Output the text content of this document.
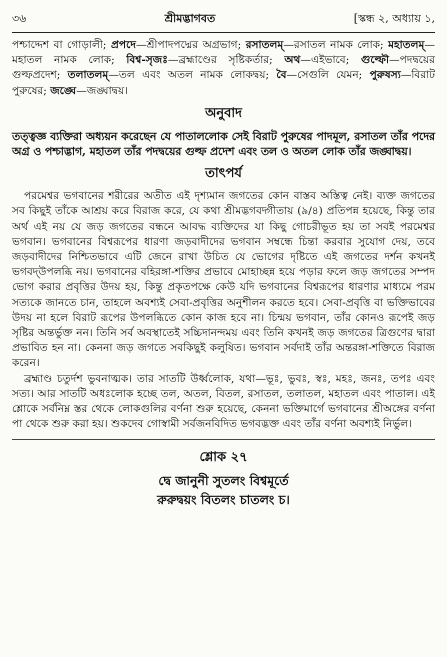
৩৬	শ্রীমদ্ভাগবত	[স্কন্ধ ২, অধ্যায় ১,

পশ্চাদ্দেশ বা গোড়ালী; প্রপদে—শ্রীপাদপদ্মের অগ্রভাগ; রসাতলম্—রসাতল নামক লোক; মহাতলম্—মহাতল নামক লোক; বিশ্ব-সৃজঃ—ব্রহ্মাণ্ডের সৃষ্টিকর্তার; অথ—এইভাবে; গুল্ফৌ—পদদ্বয়ের গুল্ফপ্রদেশ; তলাতলম্—তল এবং অতল নামক লোকদ্বয়; বৈ—সেগুলি যেমন; পুরুষস্য—বিরাট পুরুষের; জঙ্ঘে—জঙ্ঘাদ্বয়।

অনুবাদ

তত্ত্বজ্ঞ ব্যক্তিরা অধ্যয়ন করেছেন যে পাতাললোক সেই বিরাট পুরুষের পাদমূল, রসাতল তাঁর পদের অগ্র ও পশ্চাদ্ভাগ, মহাতল তাঁর পদদ্বয়ের গুল্ফ প্রদেশ এবং তল ও অতল লোক তাঁর জঙ্ঘাদ্বয়।

তাৎপর্য

পরমেশ্বর ভগবানের শরীরের অতীত এই দৃশ্যমান জগতের কোন বাস্তব অস্তিত্ব নেই। ব্যক্ত জগতের সব কিছুই তাঁকে আশ্রয় করে বিরাজ করে, যে কথা শ্রীমদ্ভগবদ্গীতায় (৯/৪) প্রতিপন্ন হয়েছে, কিন্তু তার অর্থ এই নয় যে জড় জগতের বন্ধনে আবদ্ধ ব্যক্তিদের যা কিছু গোচরীভূত হয় তা সবই পরমেশ্বর ভগবান। ভগবানের বিশ্বরূপের ধারণা জড়বাদীদের ভগবান সম্বন্ধে চিন্তা করবার সুযোগ দেয়, তবে জড়বাদীদের নিশ্চিতভাবে এটি জেনে রাখা উচিত যে ভোগের দৃষ্টিতে এই জগতের দর্শন কখনই ভগবদ্‌উপলব্ধি নয়। ভগবানের বহিরঙ্গা-শক্তির প্রভাবে মোহাচ্ছন্ন হয়ে পড়ার ফলে জড় জগতের সম্পদ ভোগ করার প্রবৃত্তির উদয় হয়, কিন্তু প্রকৃতপক্ষে কেউ যদি ভগবানের বিশ্বরূপের ধারণার মাধ্যমে পরম সত্যকে জানতে চান, তাহলে অবশ্যই সেবা-প্রবৃত্তির অনুশীলন করতে হবে। সেবা-প্রবৃত্তি বা ভক্তিভাবের উদয় না হলে বিরাট রূপের উপলব্ধিতে কোন কাজ হবে না। চিন্ময় ভগবান, তাঁর কোনও রূপেই জড় সৃষ্টির অন্তর্ভুক্ত নন। তিনি সর্ব অবস্থাতেই সচ্চিদানন্দময় এবং তিনি কখনই জড় জগতের ত্রিগুণের দ্বারা প্রভাবিত হন না। কেননা জড় জগতে সবকিছুই কলুষিত। ভগবান সর্বদাই তাঁর অন্তরঙ্গা-শক্তিতে বিরাজ করেন।

ব্রহ্মাণ্ড চতুর্দশ ভুবনাত্মক। তার সাতটি উর্ধ্বলোক, যথা—ভূঃ, ভুবঃ, স্বঃ, মহঃ, জনঃ, তপঃ এবং সত্য। আর সাতটি অধঃলোক হচ্ছে তল, অতল, বিতল, রসাতল, তলাতল, মহাতল এবং পাতাল। এই শ্লোকে সর্বনিম্ন স্তর থেকে লোকগুলির বর্ণনা শুরু হয়েছে, কেননা ভক্তিমার্গে ভগবানের শ্রীঅঙ্গের বর্ণনা পা থেকে শুরু করা হয়। শুকদেব গোস্বামী সর্বজনবিদিত ভগবদ্ভক্ত এবং তাঁর বর্ণনা অবশ্যই নির্ভুল।

শ্লোক ২৭

দ্বে জানুনী সুতলং বিশ্বমূর্তে

রুরুদ্বয়ং বিতলং চাতলং চ।
